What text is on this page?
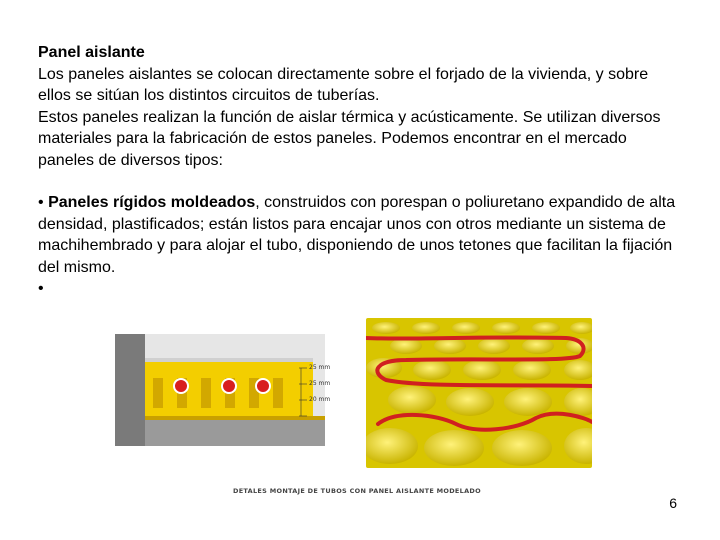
Panel aislante

Los paneles aislantes se colocan directamente sobre el forjado de la vivienda, y sobre ellos se sitúan los distintos circuitos de tuberías.

Estos paneles realizan la función de aislar térmica y acústicamente. Se utilizan diversos materiales para la fabricación de estos paneles. Podemos encontrar en el mercado paneles de diversos tipos:

• Paneles rígidos moldeados, construidos con porespan o poliuretano expandido de alta densidad, plastificados; están listos para encajar unos con otros mediante un sistema de machihembrado y para alojar el tubo, disponiendo de unos tetones que facilitan la fijación del mismo.

•

25 mm
25 mm
20 mm
DETALES MONTAJE DE TUBOS CON PANEL AISLANTE MODELADO
6
